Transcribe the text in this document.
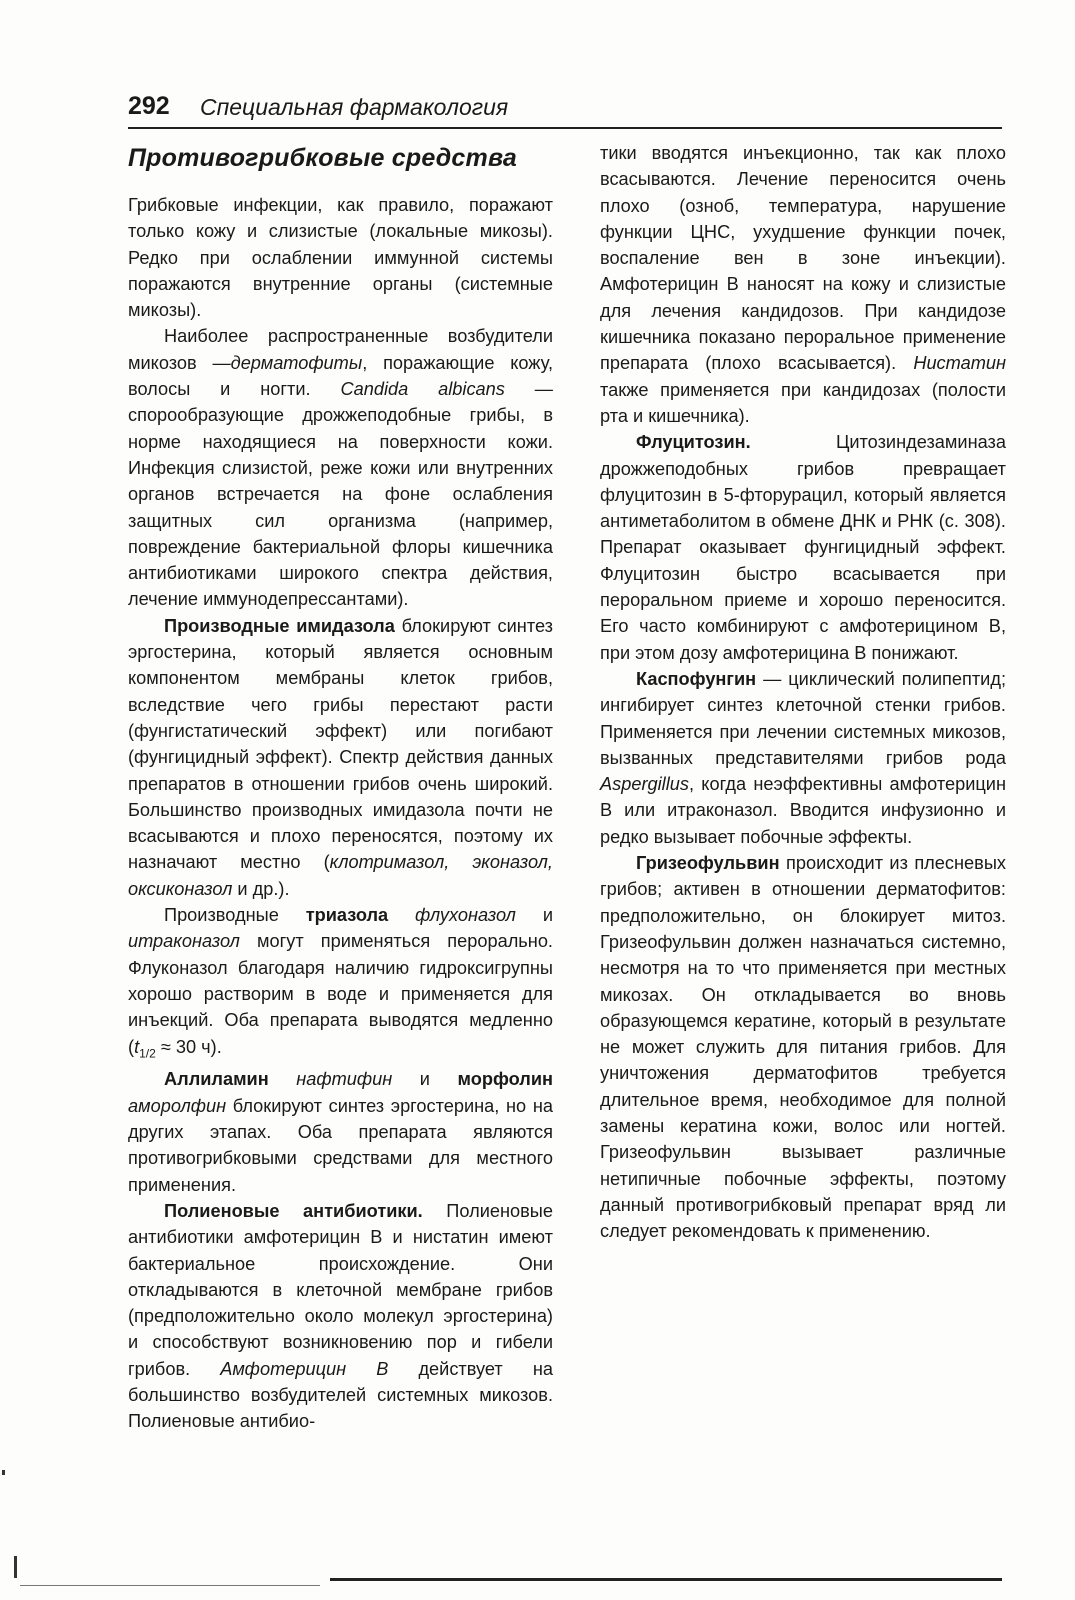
292 Специальная фармакология
Противогрибковые средства

Грибковые инфекции, как правило, поражают только кожу и слизистые (локальные микозы). Редко при ослаблении иммунной системы поражаются внутренние органы (системные микозы).

Наиболее распространенные возбудители микозов —дерматофиты, поражающие кожу, волосы и ногти. Candida albicans — спорообразующие дрожжеподобные грибы, в норме находящиеся на поверхности кожи. Инфекция слизистой, реже кожи или внутренних органов встречается на фоне ослабления защитных сил организма (например, повреждение бактериальной флоры кишечника антибиотиками широкого спектра действия, лечение иммунодепрессантами).

Производные имидазола блокируют синтез эргостерина, который является основным компонентом мембраны клеток грибов, вследствие чего грибы перестают расти (фунгистатический эффект) или погибают (фунгицидный эффект). Спектр действия данных препаратов в отношении грибов очень широкий. Большинство производных имидазола почти не всасываются и плохо переносятся, поэтому их назначают местно (клотримазол, эконазол, оксиконазол и др.).

Производные триазола флухоназол и итраконазол могут применяться перорально. Флуконазол благодаря наличию гидроксигрупны хорошо растворим в воде и применяется для инъекций. Оба препарата выводятся медленно ($t_{1/2} \approx 30$ ч).

Аллиламин нафтифин и морфолин аморолфин блокируют синтез эргостерина, но на других этапах. Оба препарата являются противогрибковыми средствами для местного применения.

Полиеновые антибиотики. Полиеновые антибиотики амфотерицин В и нистатин имеют бактериальное происхождение. Они откладываются в клеточной мембране грибов (предположительно около молекул эргостерина) и способствуют возникновению пор и гибели грибов. Амфотерицин В действует на большинство возбудителей системных микозов. Полиеновые антибио-

тики вводятся инъекционно, так как плохо всасываются. Лечение переносится очень плохо (озноб, температура, нарушение функции ЦНС, ухудшение функции почек, воспаление вен в зоне инъекции). Амфотерицин В наносят на кожу и слизистые для лечения кандидозов. При кандидозе кишечника показано пероральное применение препарата (плохо всасывается). Нистатин также применяется при кандидозах (полости рта и кишечника).

Флуцитозин. Цитозиндезаминаза дрожжеподобных грибов превращает флуцитозин в 5-фторурацил, который является антиметаболитом в обмене ДНК и РНК (с. 308). Препарат оказывает фунгицидный эффект. Флуцитозин быстро всасывается при пероральном приеме и хорошо переносится. Его часто комбинируют с амфотерицином В, при этом дозу амфотерицина В понижают.

Каспофунгин — циклический полипептид; ингибирует синтез клеточной стенки грибов. Применяется при лечении системных микозов, вызванных представителями грибов рода Aspergillus, когда неэффективны амфотерицин В или итраконазол. Вводится инфузионно и редко вызывает побочные эффекты.

Гризеофульвин происходит из плесневых грибов; активен в отношении дерматофитов: предположительно, он блокирует митоз. Гризеофульвин должен назначаться системно, несмотря на то что применяется при местных микозах. Он откладывается во вновь образующемся кератине, который в результате не может служить для питания грибов. Для уничтожения дерматофитов требуется длительное время, необходимое для полной замены кератина кожи, волос или ногтей. Гризеофульвин вызывает различные нетипичные побочные эффекты, поэтому данный противогрибковый препарат вряд ли следует рекомендовать к применению.
